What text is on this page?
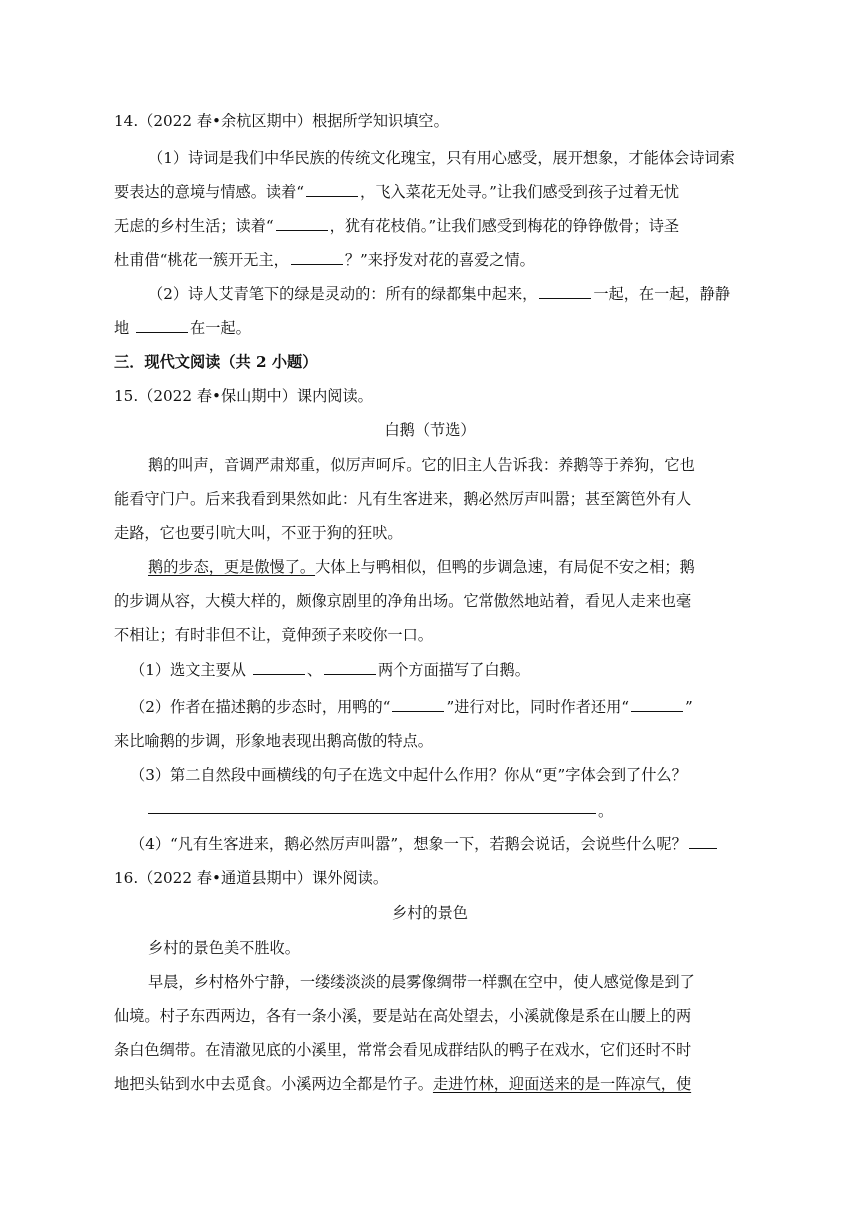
14.（2022 春•余杭区期中）根据所学知识填空。

（1）诗词是我们中华民族的传统文化瑰宝，只有用心感受，展开想象，才能体会诗词索

要表达的意境与情感。读着“	，飞入菜花无处寻。”让我们感受到孩子过着无忧

无虑的乡村生活；读着“	，犹有花枝俏。”让我们感受到梅花的铮铮傲骨；诗圣

杜甫借“桃花一簇开无主，	？”来抒发对花的喜爱之情。

（2）诗人艾青笔下的绿是灵动的：所有的绿都集中起来，	一起，在一起，静静

地	在一起。

三．现代文阅读（共 2 小题）

15.（2022 春•保山期中）课内阅读。

白鹅（节选）

鹅的叫声，音调严肃郑重，似厉声呵斥。它的旧主人告诉我：养鹅等于养狗，它也

能看守门户。后来我看到果然如此：凡有生客进来，鹅必然厉声叫嚣；甚至篱笆外有人

走路，它也要引吭大叫，不亚于狗的狂吠。

鹅的步态，更是傲慢了。大体上与鸭相似，但鸭的步调急速，有局促不安之相；鹅

的步调从容，大模大样的，颇像京剧里的净角出场。它常傲然地站着，看见人走来也毫

不相让；有时非但不让，竟伸颈子来咬你一口。

（1）选文主要从	、	两个方面描写了白鹅。

（2）作者在描述鹅的步态时，用鸭的“	”进行对比，同时作者还用“	”

来比喻鹅的步调，形象地表现出鹅高傲的特点。

（3）第二自然段中画横线的句子在选文中起什么作用？你从“更”字体会到了什么？

。

（4）“凡有生客进来，鹅必然厉声叫嚣”，想象一下，若鹅会说话，会说些什么呢？

16.（2022 春•通道县期中）课外阅读。

乡村的景色

乡村的景色美不胜收。

早晨，乡村格外宁静，一缕缕淡淡的晨雾像绸带一样飘在空中，使人感觉像是到了

仙境。村子东西两边，各有一条小溪，要是站在高处望去，小溪就像是系在山腰上的两

条白色绸带。在清澈见底的小溪里，常常会看见成群结队的鸭子在戏水，它们还时不时

地把头钻到水中去觅食。小溪两边全都是竹子。走进竹林，迎面送来的是一阵凉气，使
